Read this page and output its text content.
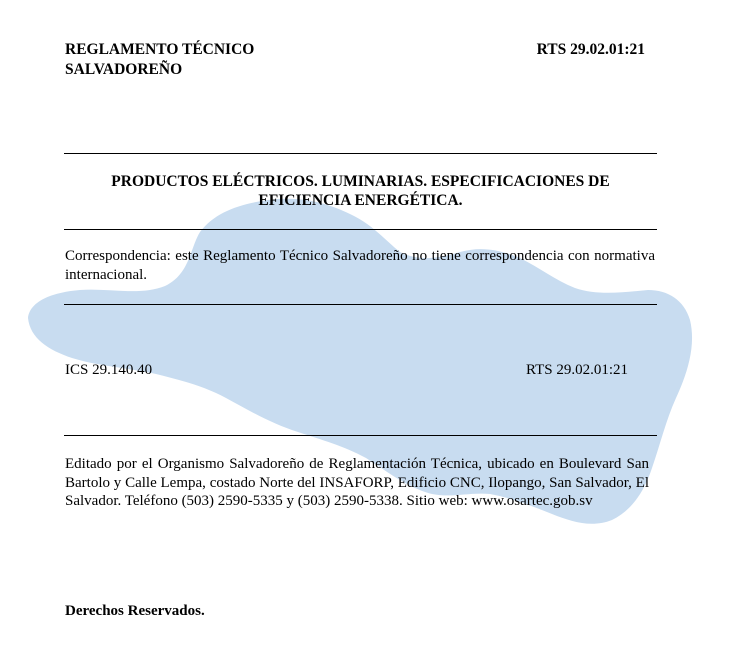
REGLAMENTO TÉCNICO
SALVADOREÑO
RTS 29.02.01:21
PRODUCTOS ELÉCTRICOS. LUMINARIAS. ESPECIFICACIONES DE
EFICIENCIA ENERGÉTICA.
Correspondencia: este Reglamento Técnico Salvadoreño no tiene correspondencia con normativa internacional.
ICS 29.140.40	RTS 29.02.01:21
Editado por el Organismo Salvadoreño de Reglamentación Técnica, ubicado en Boulevard San Bartolo y Calle Lempa, costado Norte del INSAFORP, Edificio CNC, Ilopango, San Salvador, El Salvador. Teléfono (503) 2590-5335 y (503) 2590-5338. Sitio web: www.osartec.gob.sv
Derechos Reservados.
